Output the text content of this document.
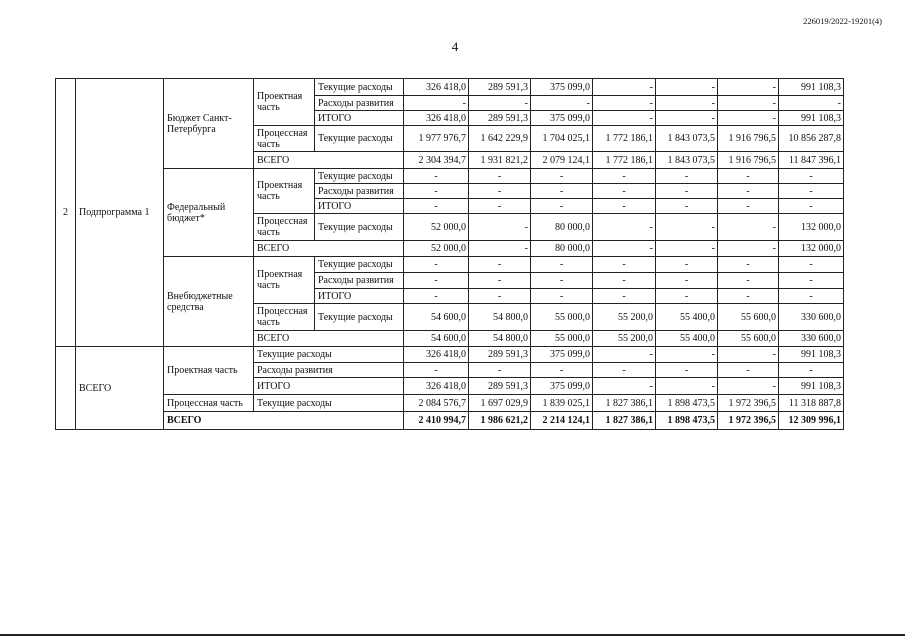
226019/2022-19201(4)
4
2	Подпрограмма 1	Бюджет Санкт-Петербурга	Проектная часть	Текущие расходы	326 418,0	289 591,3	375 099,0	-	-	-	991 108,3
				Расходы развития	-	-	-	-	-	-	-
				ИТОГО	326 418,0	289 591,3	375 099,0	-	-	-	991 108,3
			Процессная часть	Текущие расходы	1 977 976,7	1 642 229,9	1 704 025,1	1 772 186,1	1 843 073,5	1 916 796,5	10 856 287,8
			ВСЕГО		2 304 394,7	1 931 821,2	2 079 124,1	1 772 186,1	1 843 073,5	1 916 796,5	11 847 396,1
		Федеральный бюджет*	Проектная часть	Текущие расходы	-	-	-	-	-	-	-
				Расходы развития	-	-	-	-	-	-	-
				ИТОГО	-	-	-	-	-	-	-
			Процессная часть	Текущие расходы	52 000,0	-	80 000,0	-	-	-	132 000,0
			ВСЕГО		52 000,0	-	80 000,0	-	-	-	132 000,0
		Внебюджетные средства	Проектная часть	Текущие расходы	-	-	-	-	-	-	-
				Расходы развития	-	-	-	-	-	-	-
				ИТОГО	-	-	-	-	-	-	-
			Процессная часть	Текущие расходы	54 600,0	54 800,0	55 000,0	55 200,0	55 400,0	55 600,0	330 600,0
			ВСЕГО		54 600,0	54 800,0	55 000,0	55 200,0	55 400,0	55 600,0	330 600,0
	ВСЕГО	Проектная часть	Текущие расходы		326 418,0	289 591,3	375 099,0	-	-	-	991 108,3
			Расходы развития		-	-	-	-	-	-	-
			ИТОГО		326 418,0	289 591,3	375 099,0	-	-	-	991 108,3
		Процессная часть	Текущие расходы		2 084 576,7	1 697 029,9	1 839 025,1	1 827 386,1	1 898 473,5	1 972 396,5	11 318 887,8
		ВСЕГО			2 410 994,7	1 986 621,2	2 214 124,1	1 827 386,1	1 898 473,5	1 972 396,5	12 309 996,1
